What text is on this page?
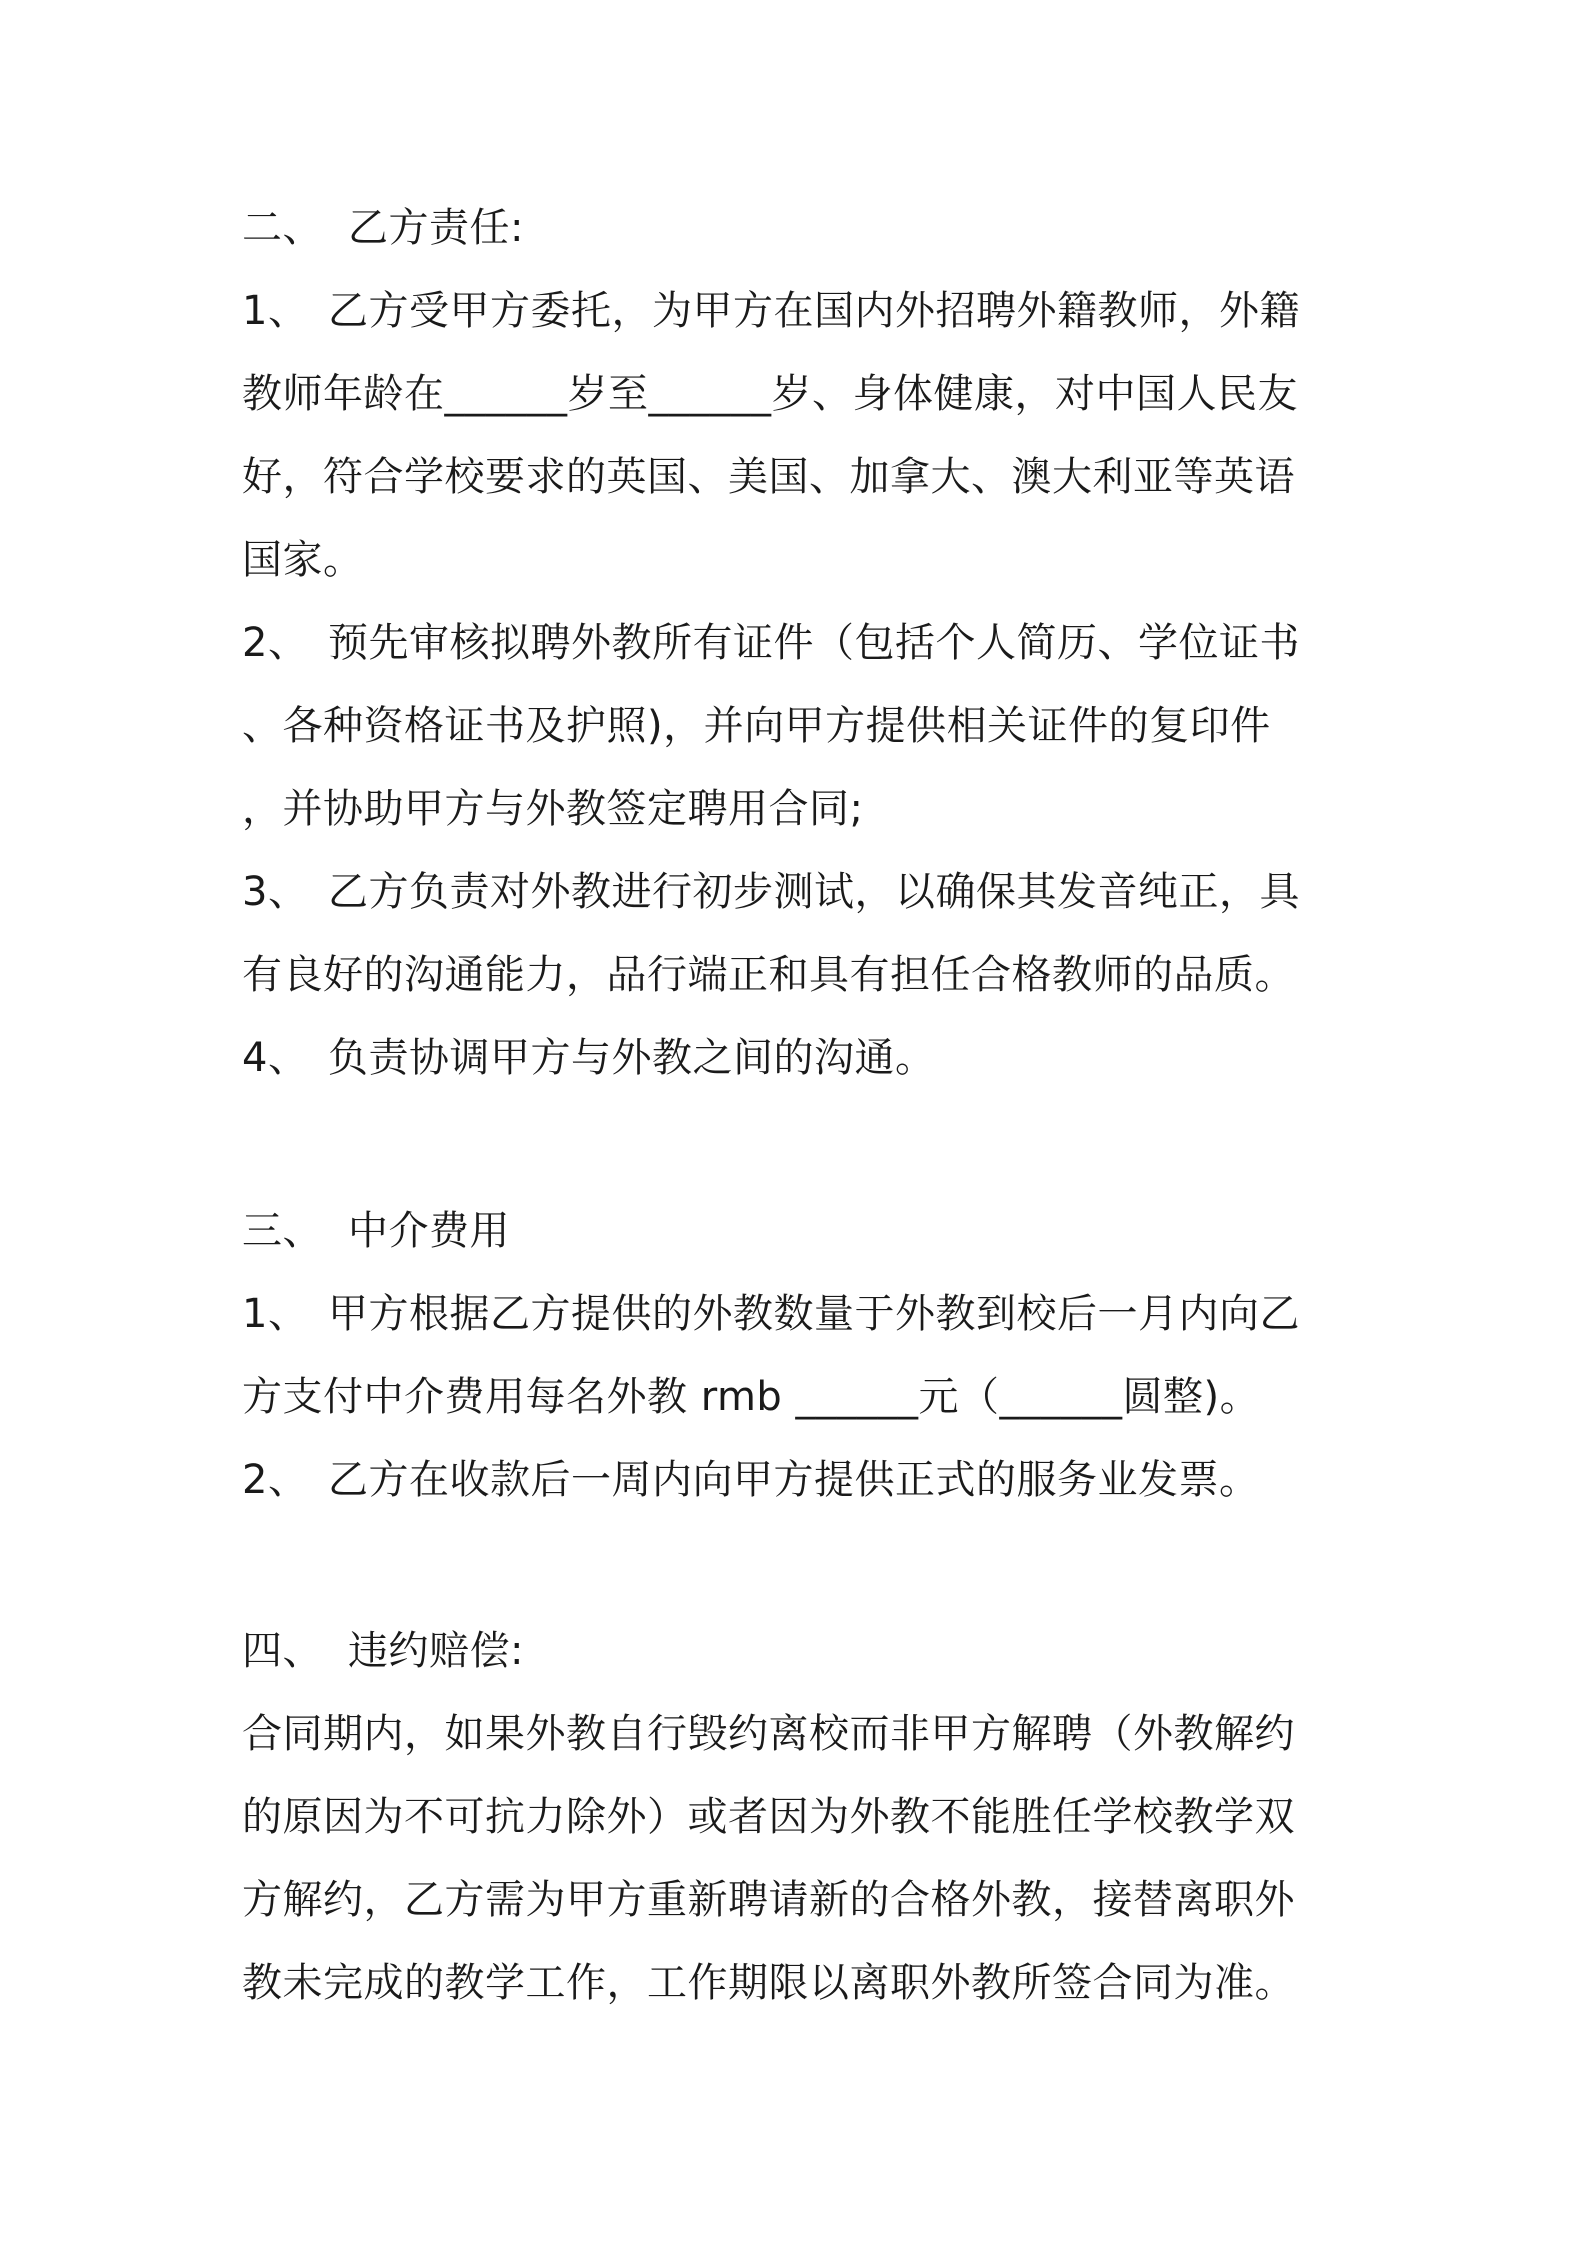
二、 乙方责任:
1、 乙方受甲方委托，为甲方在国内外招聘外籍教师，外籍
教师年龄在______岁至______岁、身体健康，对中国人民友
好，符合学校要求的英国、美国、加拿大、澳大利亚等英语
国家。
2、 预先审核拟聘外教所有证件（包括个人简历、学位证书
、各种资格证书及护照)，并向甲方提供相关证件的复印件
，并协助甲方与外教签定聘用合同;
3、 乙方负责对外教进行初步测试，以确保其发音纯正，具
有良好的沟通能力，品行端正和具有担任合格教师的品质。
4、 负责协调甲方与外教之间的沟通。
三、 中介费用
1、 甲方根据乙方提供的外教数量于外教到校后一月内向乙
方支付中介费用每名外教 rmb ______元（______圆整)。
2、 乙方在收款后一周内向甲方提供正式的服务业发票。
四、 违约赔偿:
合同期内，如果外教自行毁约离校而非甲方解聘（外教解约
的原因为不可抗力除外）或者因为外教不能胜任学校教学双
方解约，乙方需为甲方重新聘请新的合格外教，接替离职外
教未完成的教学工作，工作期限以离职外教所签合同为准。
